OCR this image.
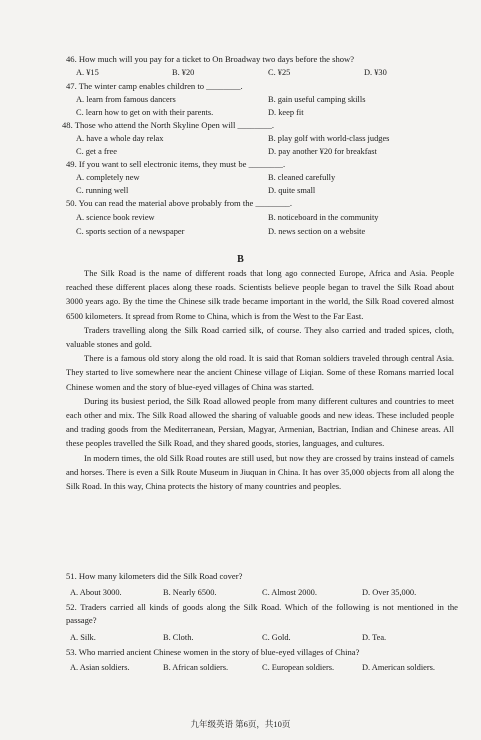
46. How much will you pay for a ticket to On Broadway two days before the show?
A. ¥15	B. ¥20	C. ¥25	D. ¥30
47. The winter camp enables children to ________.
A. learn from famous dancers	B. gain useful camping skills
C. learn how to get on with their parents.	D. keep fit
48. Those who attend the North Skyline Open will ________.
A. have a whole day relax	B. play golf with world-class judges
C. get a free	D. pay another ¥20 for breakfast
49. If you want to sell electronic items, they must be ________.
A. completely new	B. cleaned carefully
C. running well	D. quite small
50. You can read the material above probably from the ________.
A. science book review	B. noticeboard in the community
C. sports section of a newspaper	D. news section on a website
B

The Silk Road is the name of different roads that long ago connected Europe, Africa and Asia. People reached these different places along these roads. Scientists believe people began to travel the Silk Road about 3000 years ago. By the time the Chinese silk trade became important in the world, the Silk Road covered almost 6500 kilometers. It spread from Rome to China, which is from the West to the Far East.

Traders travelling along the Silk Road carried silk, of course. They also carried and traded spices, cloth, valuable stones and gold.

There is a famous old story along the old road. It is said that Roman soldiers traveled through central Asia. They started to live somewhere near the ancient Chinese village of Liqian. Some of these Romans married local Chinese women and the story of blue-eyed villages of China was started.

During its busiest period, the Silk Road allowed people from many different cultures and countries to meet each other and mix. The Silk Road allowed the sharing of valuable goods and new ideas. These included people and trading goods from the Mediterranean, Persian, Magyar, Armenian, Bactrian, Indian and Chinese areas. All these peoples travelled the Silk Road, and they shared goods, stories, languages, and cultures.

In modern times, the old Silk Road routes are still used, but now they are crossed by trains instead of camels and horses. There is even a Silk Route Museum in Jiuquan in China. It has over 35,000 objects from all along the Silk Road. In this way, China protects the history of many countries and peoples.

51. How many kilometers did the Silk Road cover?
A. About 3000.	B. Nearly 6500.	C. Almost 2000.	D. Over 35,000.
52. Traders carried all kinds of goods along the Silk Road. Which of the following is not mentioned in the passage?
A. Silk.	B. Cloth.	C. Gold.	D. Tea.
53. Who married ancient Chinese women in the story of blue-eyed villages of China?
A. Asian soldiers.	B. African soldiers.	C. European soldiers.	D. American soldiers.
九年级英语 第6页，共10页
